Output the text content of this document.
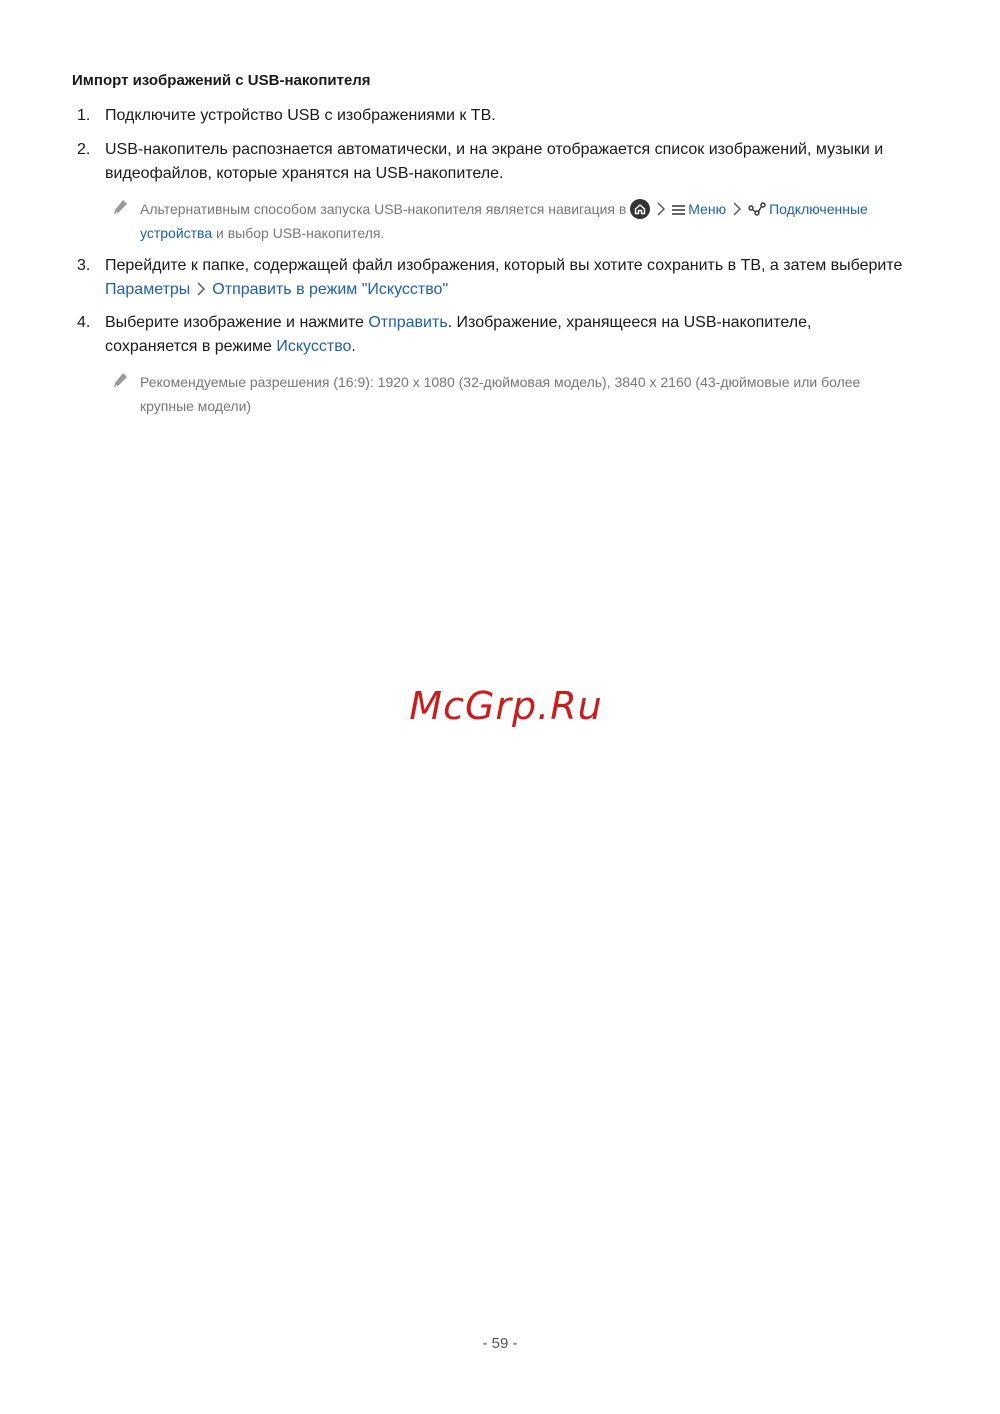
Импорт изображений с USB-накопителя
1. Подключите устройство USB с изображениями к ТВ.
2. USB-накопитель распознается автоматически, и на экране отображается список изображений, музыки и видеофайлов, которые хранятся на USB-накопителе.
Альтернативным способом запуска USB-накопителя является навигация в	Меню	Подключенные
устройства и выбор USB-накопителя.
3. Перейдите к папке, содержащей файл изображения, который вы хотите сохранить в ТВ, а затем выберите
Параметры Отправить в режим "Искусство"
4. Выберите изображение и нажмите Отправить. Изображение, хранящееся на USB-накопителе, сохраняется в режиме Искусство.
Рекомендуемые разрешения (16:9): 1920 x 1080 (32-дюймовая модель), 3840 x 2160 (43-дюймовые или более крупные модели)
McGrp.Ru
- 59 -
